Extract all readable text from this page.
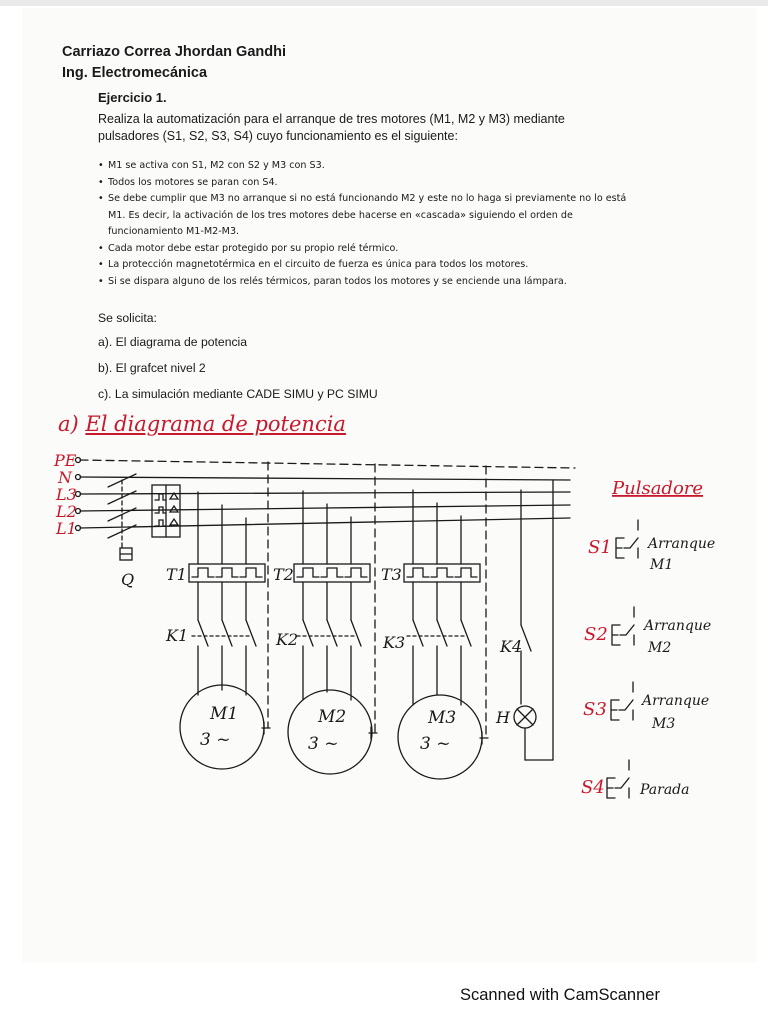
Carriazo Correa Jhordan Gandhi
Ing. Electromecánica
Ejercicio 1.
Realiza la automatización para el arranque de tres motores (M1, M2 y M3) mediante pulsadores (S1, S2, S3, S4) cuyo funcionamiento es el siguiente:
• M1 se activa con S1, M2 con S2 y M3 con S3.
• Todos los motores se paran con S4.
• Se debe cumplir que M3 no arranque si no está funcionando M2 y este no lo haga si previamente no lo está M1. Es decir, la activación de los tres motores debe hacerse en «cascada» siguiendo el orden de funcionamiento M1-M2-M3.
• Cada motor debe estar protegido por su propio relé térmico.
• La protección magnetotérmica en el circuito de fuerza es única para todos los motores.
• Si se dispara alguno de los relés térmicos, paran todos los motores y se enciende una lámpara.
Se solicita:
a). El diagrama de potencia
b). El grafcet nivel 2
c). La simulación mediante CADE SIMU y PC SIMU
a) El diagrama de potencia
PE
N
L3
L2
L1
Q T1	T2	T3
K1	K2	K3	K4
M1
3 ~
M2
3 ~
M3
3 ~
H
Pulsadore
S1
S2
S3
S4
Arranque
M1
Arranque
M2
Arranque
M3
Parada
Scanned with CamScanner
